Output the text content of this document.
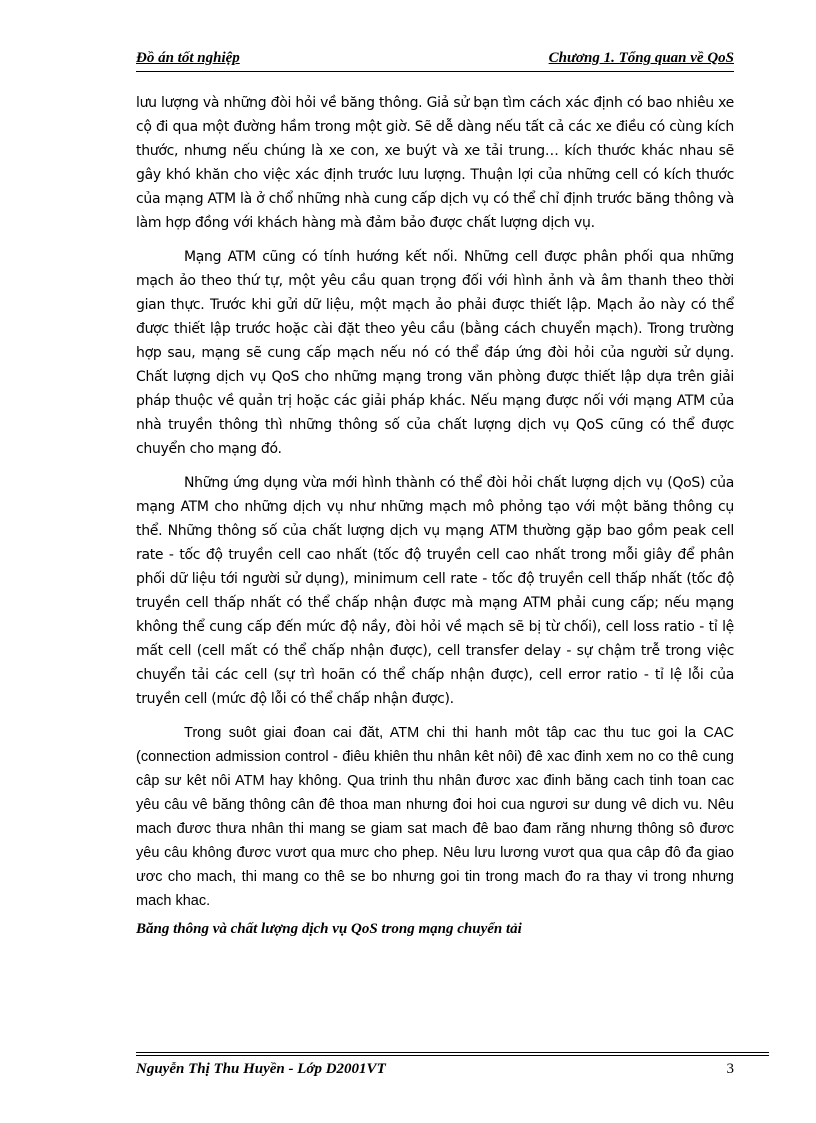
Đồ án tốt nghiệp	Chương 1. Tổng quan về QoS

lưu lượng và những đòi hỏi về băng thông. Giả sử bạn tìm cách xác định có bao nhiêu xe cộ đi qua một đường hầm trong một giờ. Sẽ dễ dàng nếu tất cả các xe điều có cùng kích thước, nhưng nếu chúng là xe con, xe buýt và xe tải trung… kích thước khác nhau sẽ gây khó khăn cho việc xác định trước lưu lượng. Thuận lợi của những cell có kích thước của mạng ATM là ở chổ những nhà cung cấp dịch vụ có thể chỉ định trước băng thông và làm hợp đồng với khách hàng mà đảm bảo được chất lượng dịch vụ.

Mạng ATM cũng có tính hướng kết nối. Những cell được phân phối qua những mạch ảo theo thứ tự, một yêu cầu quan trọng đối với hình ảnh và âm thanh theo thời gian thực. Trước khi gửi dữ liệu, một mạch ảo phải được thiết lập. Mạch ảo này có thể được thiết lập trước hoặc cài đặt theo yêu cầu (bằng cách chuyển mạch). Trong trường hợp sau, mạng sẽ cung cấp mạch nếu nó có thể đáp ứng đòi hỏi của người sử dụng. Chất lượng dịch vụ QoS cho những mạng trong văn phòng được thiết lập dựa trên giải pháp thuộc về quản trị hoặc các giải pháp khác. Nếu mạng được nối với mạng ATM của nhà truyền thông thì những thông số của chất lượng dịch vụ QoS cũng có thể được chuyển cho mạng đó.

Những ứng dụng vừa mới hình thành có thể đòi hỏi chất lượng dịch vụ (QoS) của mạng ATM cho những dịch vụ như những mạch mô phỏng tạo với một băng thông cụ thể. Những thông số của chất lượng dịch vụ mạng ATM thường gặp bao gồm peak cell rate - tốc độ truyền cell cao nhất (tốc độ truyền cell cao nhất trong mỗi giây để phân phối dữ liệu tới người sử dụng), minimum cell rate - tốc độ truyền cell thấp nhất (tốc độ truyền cell thấp nhất có thể chấp nhận được mà mạng ATM phải cung cấp; nếu mạng không thể cung cấp đến mức độ nầy, đòi hỏi về mạch sẽ bị từ chối), cell loss ratio - tỉ lệ mất cell (cell mất có thể chấp nhận được), cell transfer delay - sự chậm trễ trong việc chuyển tải các cell (sự trì hoãn có thể chấp nhận được), cell error ratio - tỉ lệ lỗi của truyền cell (mức độ lỗi có thể chấp nhận được).

Trong suôt giai đoan cai đăt, ATM chi thi hanh môt tâp cac thu tuc goi la CAC (connection admission control - điêu khiên thu nhân kêt nôi) đê xac đinh xem no co thê cung câp sư kêt nôi ATM hay không. Qua trinh thu nhân đươc xac đinh băng cach tinh toan cac yêu câu vê băng thông cân đê thoa man nhưng đoi hoi cua ngươi sư dung vê dich vu. Nêu mach đươc thưa nhân thi mang se giam sat mach đê bao đam răng nhưng thông sô đươc yêu câu không đươc vươt qua mưc cho phep. Nêu lưu lương vươt qua qua câp đô đa giao ươc cho mach, thi mang co thê se bo nhưng goi tin trong mach đo ra thay vi trong nhưng mach khac.

Băng thông và chất lượng dịch vụ QoS trong mạng chuyển tải

Nguyễn Thị Thu Huyền - Lớp D2001VT	3
